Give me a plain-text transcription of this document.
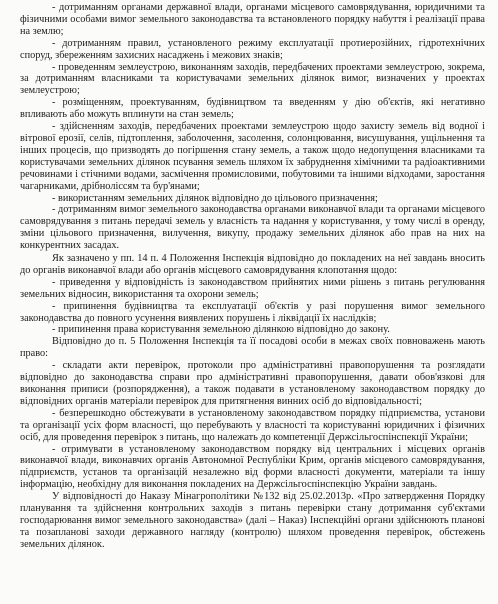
- дотриманням органами державної влади, органами місцевого самоврядування, юридичними та фізичними особами вимог земельного законодавства та встановленого порядку набуття і реалізації права на землю;

- дотриманням правил, установленого режиму експлуатації протиерозійних, гідротехнічних споруд, збереженням захисних насаджень і межових знаків;

- проведенням землеустрою, виконанням заходів, передбачених проектами землеустрою, зокрема, за дотриманням власниками та користувачами земельних ділянок вимог, визначених у проектах землеустрою;

- розміщенням, проектуванням, будівництвом та введенням у дію об'єктів, які негативно впливають або можуть вплинути на стан земель;

- здійсненням заходів, передбачених проектами землеустрою щодо захисту земель від водної і вітрової ерозії, селів, підтоплення, заболочення, засолення, солонцювання, висушування, ущільнення та інших процесів, що призводять до погіршення стану земель, а також щодо недопущення власниками та користувачами земельних ділянок псування земель шляхом їх забруднення хімічними та радіоактивними речовинами і стічними водами, засмічення промисловими, побутовими та іншими відходами, заростання чагарниками, дрібноліссям та бур'янами;

- використанням земельних ділянок відповідно до цільового призначення;

- дотриманням вимог земельного законодавства органами виконавчої влади та органами місцевого самоврядування з питань передачі земель у власність та надання у користування, у тому числі в оренду, зміни цільового призначення, вилучення, викупу, продажу земельних ділянок або прав на них на конкурентних засадах.

Як зазначено у пп. 14 п. 4 Положення Інспекція відповідно до покладених на неї завдань вносить до органів виконавчої влади або органів місцевого самоврядування клопотання щодо:

- приведення у відповідність із законодавством прийнятих ними рішень з питань регулювання земельних відносин, використання та охорони земель;

- припинення будівництва та експлуатації об'єктів у разі порушення вимог земельного законодавства до повного усунення виявлених порушень і ліквідації їх наслідків;

- припинення права користування земельною ділянкою відповідно до закону.

Відповідно до п. 5 Положення Інспекція та її посадові особи в межах своїх повноважень мають право:

- складати акти перевірок, протоколи про адміністративні правопорушення та розглядати відповідно до законодавства справи про адміністративні правопорушення, давати обов'язкові для виконання приписи (розпорядження), а також подавати в установленому законодавством порядку до відповідних органів матеріали перевірок для притягнення винних осіб до відповідальності;

- безперешкодно обстежувати в установленому законодавством порядку підприємства, установи та організації усіх форм власності, що перебувають у власності та користуванні юридичних і фізичних осіб, для проведення перевірок з питань, що належать до компетенції Держсільгоспінспекції України;

- отримувати в установленому законодавством порядку від центральних і місцевих органів виконавчої влади, виконавчих органів Автономної Республіки Крим, органів місцевого самоврядування, підприємств, установ та організацій незалежно від форми власності документи, матеріали та іншу інформацію, необхідну для виконання покладених на Держсільгоспінспекцію України завдань.

У відповідності до Наказу Мінагрополітики №132 від 25.02.2013р. «Про затвердження Порядку планування та здійснення контрольних заходів з питань перевірки стану дотримання суб'єктами господарювання вимог земельного законодавства» (далі – Наказ) Інспекційні органи здійснюють планові та позапланові заходи державного нагляду (контролю) шляхом проведення перевірок, обстежень земельних ділянок.
